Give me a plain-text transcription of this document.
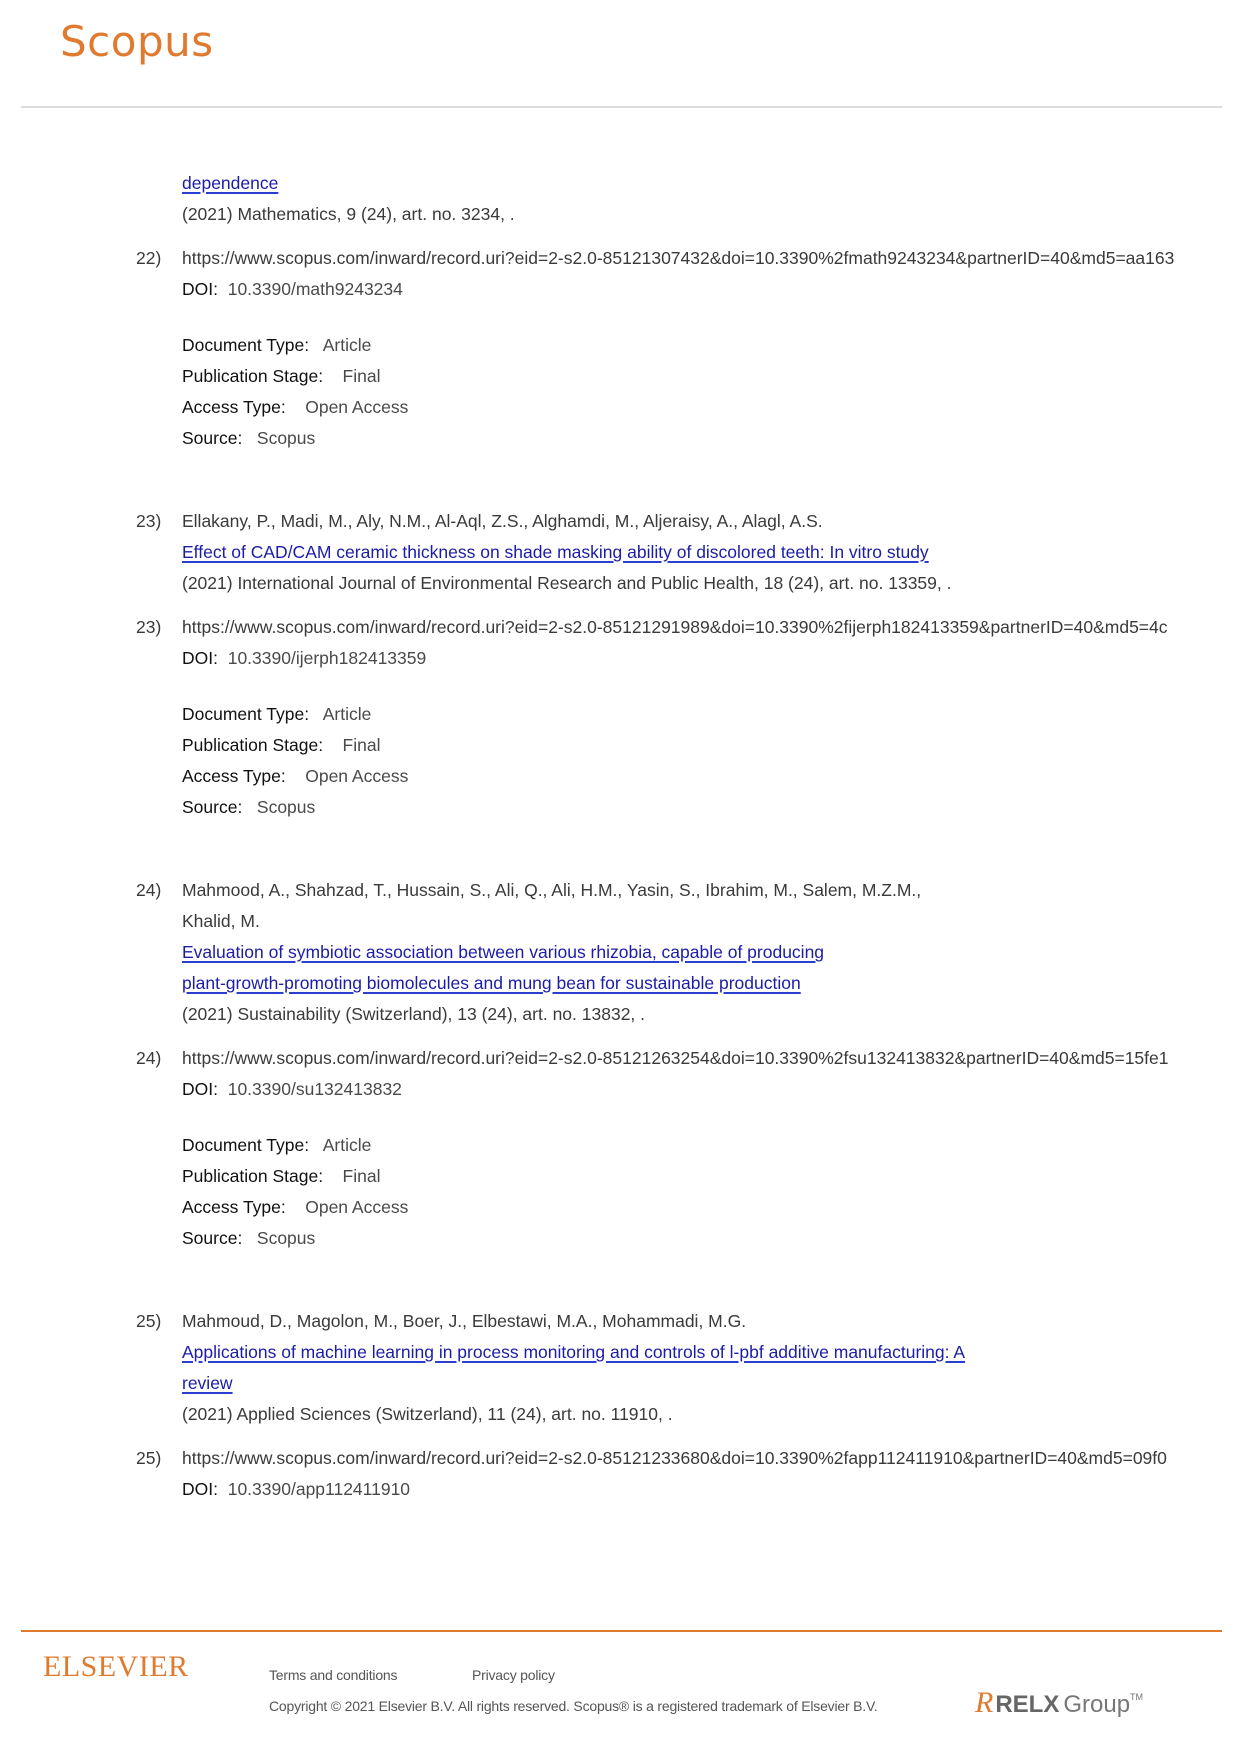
Scopus
dependence
(2021) Mathematics, 9 (24), art. no. 3234, .
22) https://www.scopus.com/inward/record.uri?eid=2-s2.0-85121307432&doi=10.3390%2fmath9243234&partnerID=40&md5=aa163
DOI: 10.3390/math9243234
Document Type: Article
Publication Stage: Final
Access Type: Open Access
Source: Scopus
23) Ellakany, P., Madi, M., Aly, N.M., Al-Aql, Z.S., Alghamdi, M., Aljeraisy, A., Alagl, A.S.
Effect of CAD/CAM ceramic thickness on shade masking ability of discolored teeth: In vitro study
(2021) International Journal of Environmental Research and Public Health, 18 (24), art. no. 13359, .
23) https://www.scopus.com/inward/record.uri?eid=2-s2.0-85121291989&doi=10.3390%2fijerph182413359&partnerID=40&md5=4c
DOI: 10.3390/ijerph182413359
Document Type: Article
Publication Stage: Final
Access Type: Open Access
Source: Scopus
24) Mahmood, A., Shahzad, T., Hussain, S., Ali, Q., Ali, H.M., Yasin, S., Ibrahim, M., Salem, M.Z.M.,
Khalid, M.
Evaluation of symbiotic association between various rhizobia, capable of producing
plant-growth-promoting biomolecules and mung bean for sustainable production
(2021) Sustainability (Switzerland), 13 (24), art. no. 13832, .
24) https://www.scopus.com/inward/record.uri?eid=2-s2.0-85121263254&doi=10.3390%2fsu132413832&partnerID=40&md5=15fe1
DOI: 10.3390/su132413832
Document Type: Article
Publication Stage: Final
Access Type: Open Access
Source: Scopus
25) Mahmoud, D., Magolon, M., Boer, J., Elbestawi, M.A., Mohammadi, M.G.
Applications of machine learning in process monitoring and controls of l-pbf additive manufacturing: A
review
(2021) Applied Sciences (Switzerland), 11 (24), art. no. 11910, .
25) https://www.scopus.com/inward/record.uri?eid=2-s2.0-85121233680&doi=10.3390%2fapp112411910&partnerID=40&md5=09f0
DOI: 10.3390/app112411910
ELSEVIER	Terms and conditions	Privacy policy
Copyright © 2021 Elsevier B.V. All rights reserved. Scopus® is a registered trademark of Elsevier B.V.	R RELX Group TM
